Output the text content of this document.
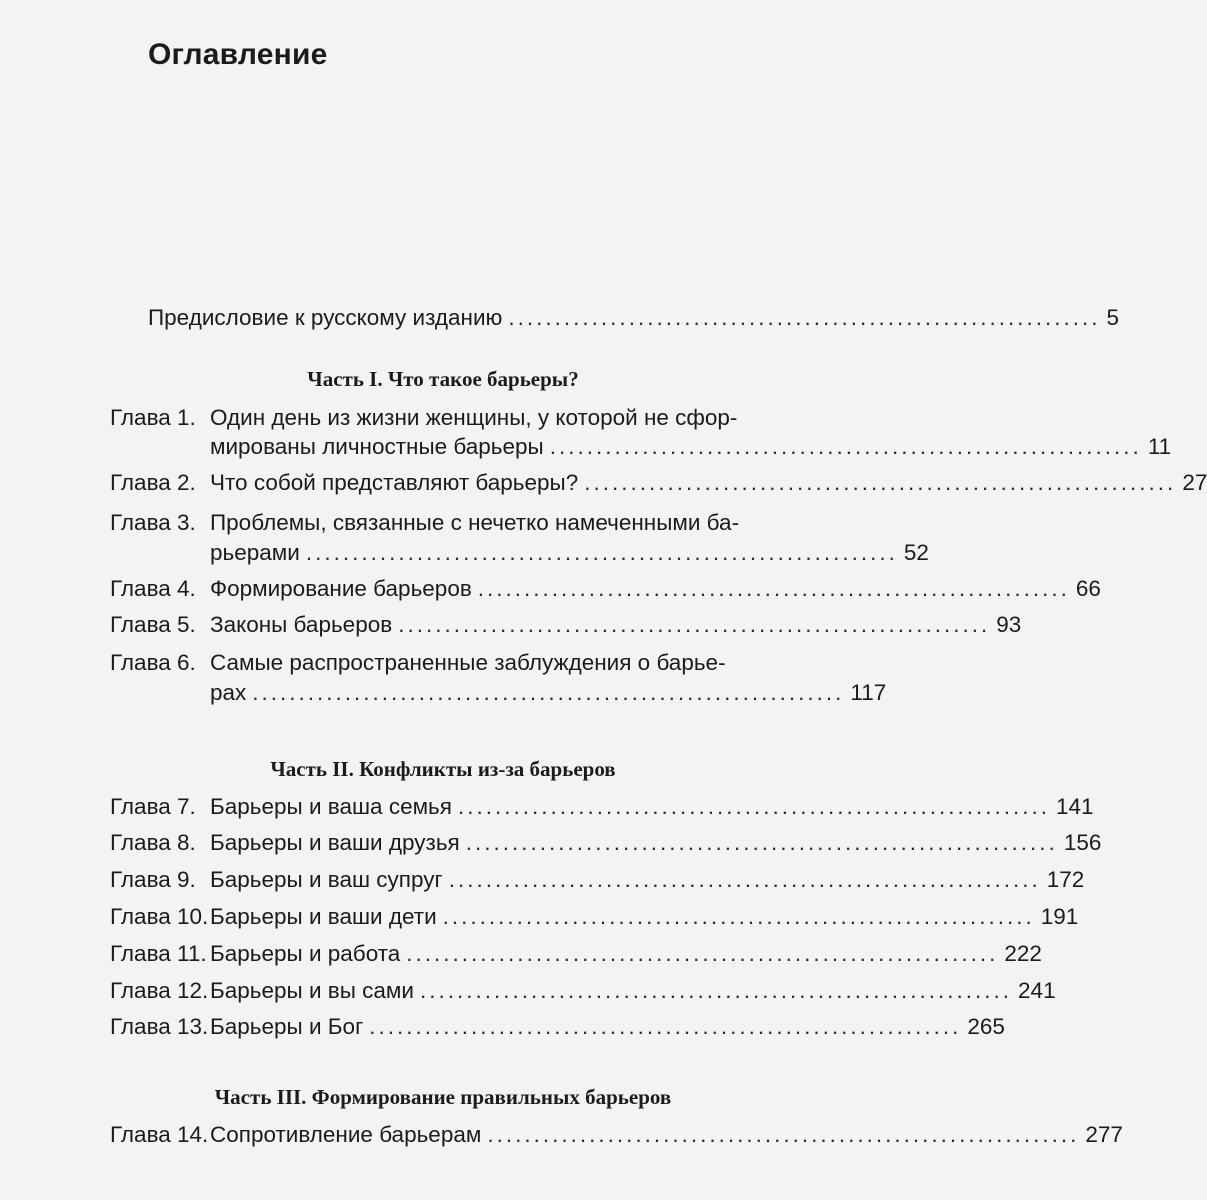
Оглавление
Предисловие к русскому изданию ................................................................ 5
Часть I. Что такое барьеры?
Глава 1. Один день из жизни женщины, у которой не сфор-
мированы личностные барьеры ................................................................ 11
Глава 2. Что собой представляют барьеры? ................................................................ 27
Глава 3. Проблемы, связанные с нечетко намеченными ба-
рьерами ................................................................ 52
Глава 4. Формирование барьеров ................................................................ 66
Глава 5. Законы барьеров ................................................................ 93
Глава 6. Самые распространенные заблуждения о барье-
рах ................................................................ 117
Часть II. Конфликты из-за барьеров
Глава 7. Барьеры и ваша семья ................................................................ 141
Глава 8. Барьеры и ваши друзья ................................................................ 156
Глава 9. Барьеры и ваш супруг ................................................................ 172
Глава 10. Барьеры и ваши дети ................................................................ 191
Глава 11. Барьеры и работа ................................................................ 222
Глава 12. Барьеры и вы сами ................................................................ 241
Глава 13. Барьеры и Бог ................................................................ 265
Часть III. Формирование правильных барьеров
Глава 14. Сопротивление барьерам ................................................................ 277
